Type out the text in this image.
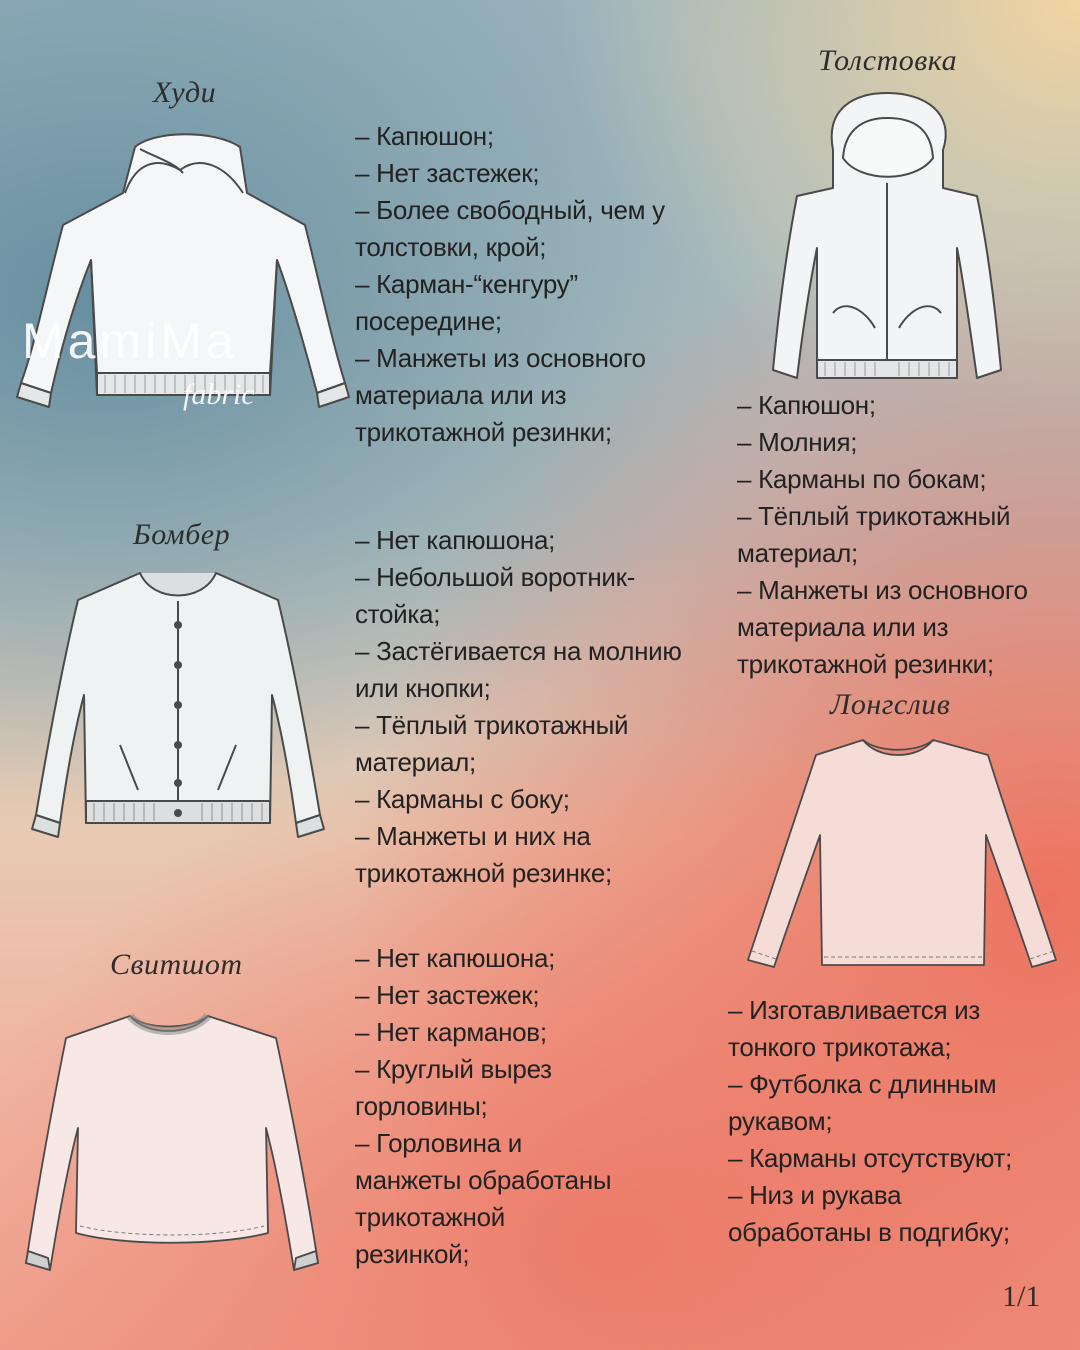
Худи
MamiMa
fabric
– Капюшон;
– Нет застежек;
– Более свободный, чем у
толстовки, крой;
– Карман-“кенгуру”
посередине;
– Манжеты из основного
материала или из
трикотажной резинки;
Толстовка
– Капюшон;
– Молния;
– Карманы по бокам;
– Тёплый трикотажный
материал;
– Манжеты из основного
материала или из
трикотажной резинки;
Бомбер	– Нет капюшона;
– Небольшой воротник-
стойка;
– Застёгивается на молнию
или кнопки;
– Тёплый трикотажный
материал;
– Карманы с боку;
– Манжеты и них на
трикотажной резинке;
Лонгслив
– Изготавливается из
тонкого трикотажа;
– Футболка с длинным
рукавом;
– Карманы отсутствуют;
– Низ и рукава
обработаны в подгибку;
Свитшот	– Нет капюшона;
– Нет застежек;
– Нет карманов;
– Круглый вырез
горловины;
– Горловина и
манжеты обработаны
трикотажной
резинкой;
1/1
